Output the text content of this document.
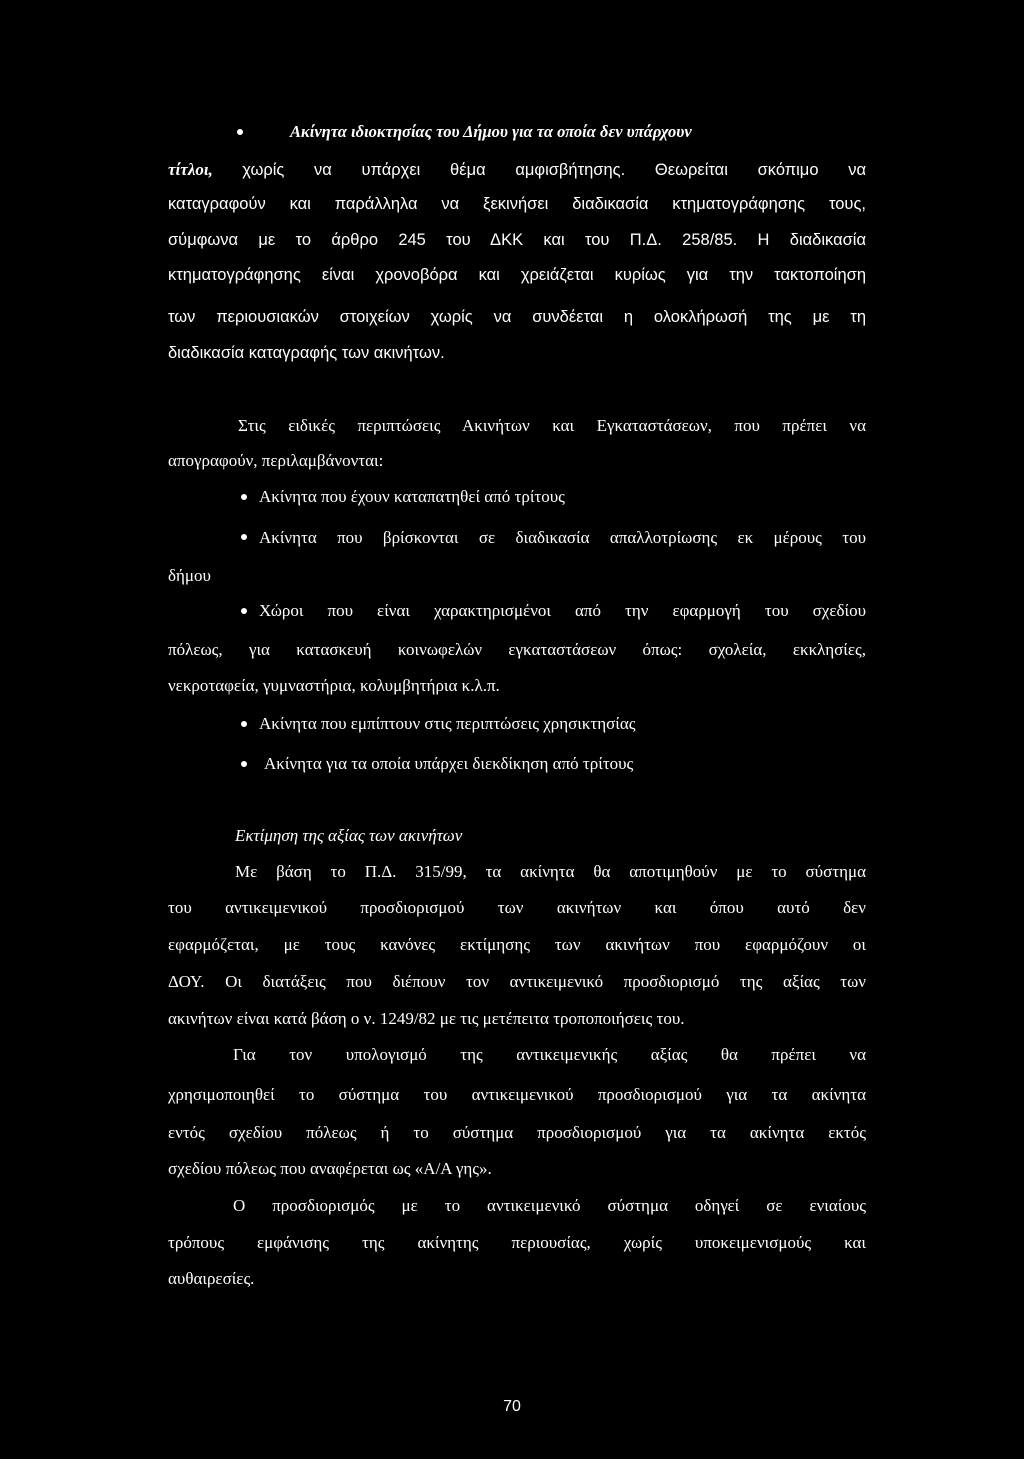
Ακίνητα ιδιοκτησίας του Δήμου για τα οποία δεν υπάρχουν
τίτλοι, χωρίς να υπάρχει θέμα αμφισβήτησης. Θεωρείται σκόπιμο να
καταγραφούν και παράλληλα να ξεκινήσει διαδικασία κτηματογράφησης τους,
σύμφωνα με το άρθρο 245 του ΔΚΚ και του Π.Δ. 258/85. Η διαδικασία
κτηματογράφησης είναι χρονοβόρα και χρειάζεται κυρίως για την τακτοποίηση
των περιουσιακών στοιχείων χωρίς να συνδέεται η ολοκλήρωσή της με τη
διαδικασία καταγραφής των ακινήτων.
Στις ειδικές περιπτώσεις Ακινήτων και Εγκαταστάσεων, που πρέπει να
απογραφούν, περιλαμβάνονται:
Ακίνητα που έχουν καταπατηθεί από τρίτους
Ακίνητα που βρίσκονται σε διαδικασία απαλλοτρίωσης εκ μέρους του
δήμου
Χώροι που είναι χαρακτηρισμένοι από την εφαρμογή του σχεδίου
πόλεως, για κατασκευή κοινωφελών εγκαταστάσεων όπως: σχολεία, εκκλησίες,
νεκροταφεία, γυμναστήρια, κολυμβητήρια κ.λ.π.
Ακίνητα που εμπίπτουν στις περιπτώσεις χρησικτησίας
Ακίνητα για τα οποία υπάρχει διεκδίκηση από τρίτους
Εκτίμηση της αξίας των ακινήτων
Με βάση το Π.Δ. 315/99, τα ακίνητα θα αποτιμηθούν με το σύστημα
του αντικειμενικού προσδιορισμού των ακινήτων και όπου αυτό δεν
εφαρμόζεται, με τους κανόνες εκτίμησης των ακινήτων που εφαρμόζουν οι
ΔΟΥ. Οι διατάξεις που διέπουν τον αντικειμενικό προσδιορισμό της αξίας των
ακινήτων είναι κατά βάση ο ν. 1249/82 με τις μετέπειτα τροποποιήσεις του.
Για τον υπολογισμό της αντικειμενικής αξίας θα πρέπει να
χρησιμοποιηθεί το σύστημα του αντικειμενικού προσδιορισμού για τα ακίνητα
εντός σχεδίου πόλεως ή το σύστημα προσδιορισμού για τα ακίνητα εκτός
σχεδίου πόλεως που αναφέρεται ως «Α/Α γης».
Ο προσδιορισμός με το αντικειμενικό σύστημα οδηγεί σε ενιαίους
τρόπους εμφάνισης της ακίνητης περιουσίας, χωρίς υποκειμενισμούς και
αυθαιρεσίες.
70
